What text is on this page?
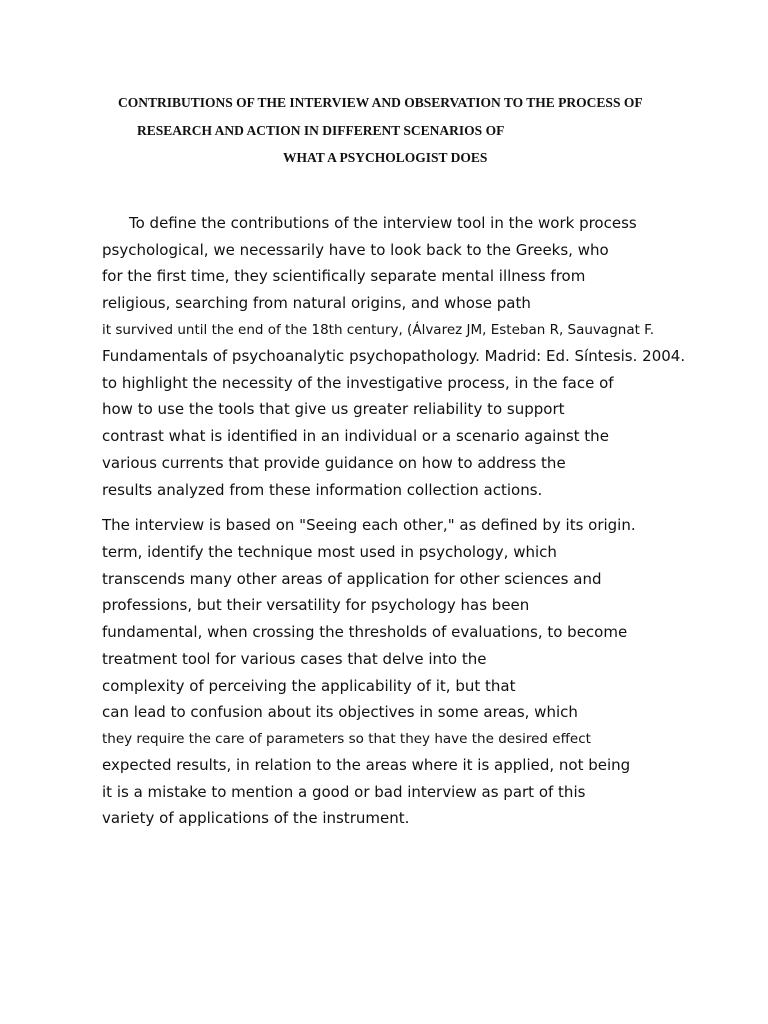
CONTRIBUTIONS OF THE INTERVIEW AND OBSERVATION TO THE PROCESS OF
RESEARCH AND ACTION IN DIFFERENT SCENARIOS OF
WHAT A PSYCHOLOGIST DOES
To define the contributions of the interview tool in the work process
psychological, we necessarily have to look back to the Greeks, who
for the first time, they scientifically separate mental illness from
religious, searching from natural origins, and whose path
it survived until the end of the 18th century, (Álvarez JM, Esteban R, Sauvagnat F.
Fundamentals of psychoanalytic psychopathology. Madrid: Ed. Síntesis. 2004.
to highlight the necessity of the investigative process, in the face of
how to use the tools that give us greater reliability to support
contrast what is identified in an individual or a scenario against the
various currents that provide guidance on how to address the
results analyzed from these information collection actions.
The interview is based on "Seeing each other," as defined by its origin.
term, identify the technique most used in psychology, which
transcends many other areas of application for other sciences and
professions, but their versatility for psychology has been
fundamental, when crossing the thresholds of evaluations, to become
treatment tool for various cases that delve into the
complexity of perceiving the applicability of it, but that
can lead to confusion about its objectives in some areas, which
they require the care of parameters so that they have the desired effect
expected results, in relation to the areas where it is applied, not being
it is a mistake to mention a good or bad interview as part of this
variety of applications of the instrument.
